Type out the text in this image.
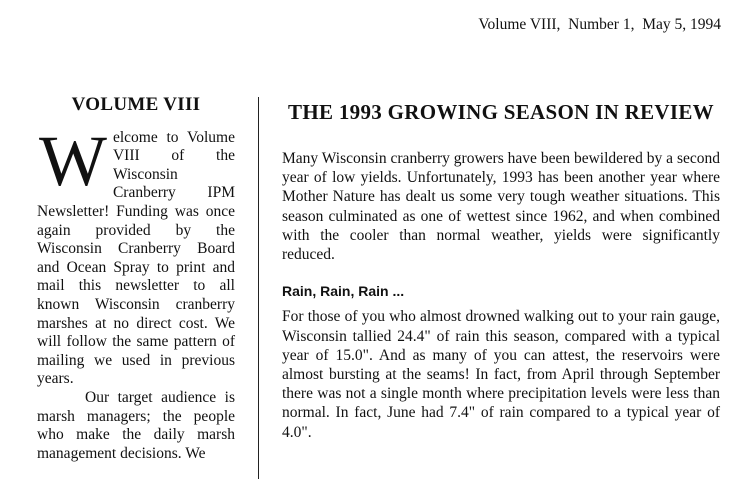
Volume VIII,  Number 1,  May 5, 1994
VOLUME VIII

Welcome to Volume VIII of the Wisconsin Cranberry IPM Newsletter! Funding was once again provided by the Wisconsin Cranberry Board and Ocean Spray to print and mail this newsletter to all known Wisconsin cranberry marshes at no direct cost. We will follow the same pattern of mailing we used in previous years.

Our target audience is marsh managers; the people who make the daily marsh management decisions. We

THE 1993 GROWING SEASON IN REVIEW

Many Wisconsin cranberry growers have been bewildered by a second year of low yields. Unfortunately, 1993 has been another year where Mother Nature has dealt us some very tough weather situations. This season culminated as one of wettest since 1962, and when combined with the cooler than normal weather, yields were significantly reduced.

Rain, Rain, Rain ...

For those of you who almost drowned walking out to your rain gauge, Wisconsin tallied 24.4" of rain this season, compared with a typical year of 15.0". And as many of you can attest, the reservoirs were almost bursting at the seams! In fact, from April through September there was not a single month where precipitation levels were less than normal. In fact, June had 7.4" of rain compared to a typical year of 4.0".
